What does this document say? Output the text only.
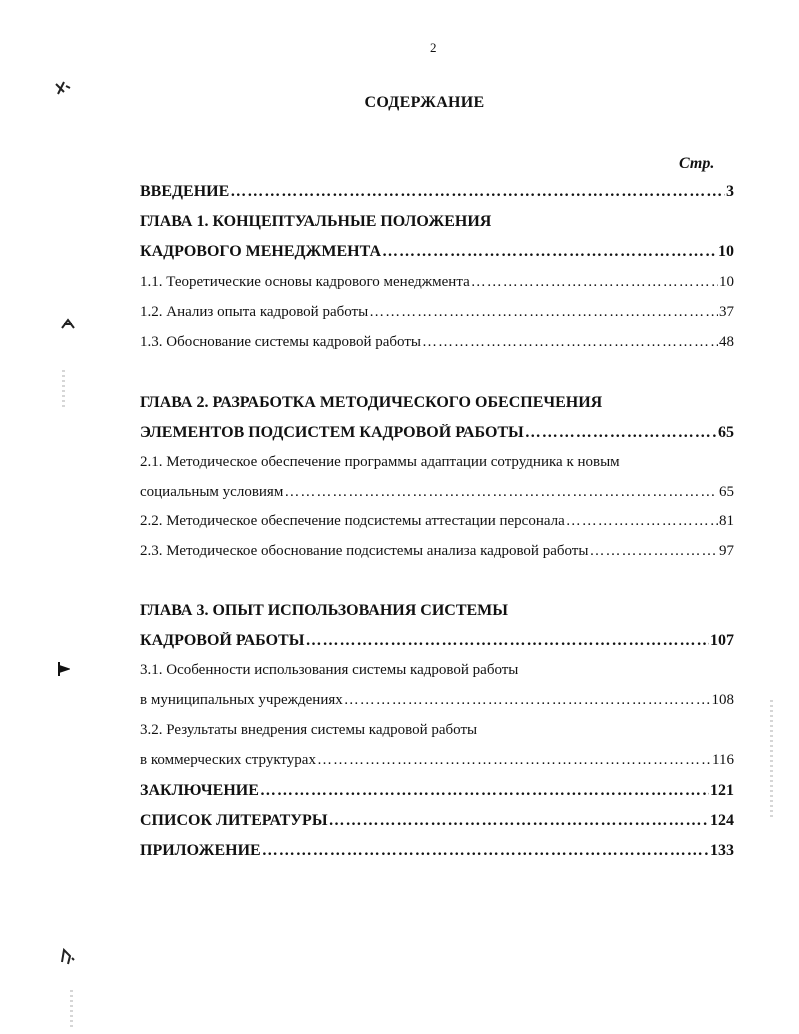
2
СОДЕРЖАНИЕ
Стр.
ВВЕДЕНИЕ …………………………………………………………………………………………………………………………………………	3
ГЛАВА 1. КОНЦЕПТУАЛЬНЫЕ ПОЛОЖЕНИЯ
КАДРОВОГО МЕНЕДЖМЕНТА …………………………………………………………………………………………………………………………………………	10
1.1. Теоретические основы кадрового менеджмента …………………………………………………………………………………………………………………………………………	10
1.2. Анализ опыта кадровой работы …………………………………………………………………………………………………………………………………………	37
1.3. Обоснование системы кадровой работы …………………………………………………………………………………………………………………………………………	48
ГЛАВА 2. РАЗРАБОТКА МЕТОДИЧЕСКОГО ОБЕСПЕЧЕНИЯ
ЭЛЕМЕНТОВ ПОДСИСТЕМ КАДРОВОЙ РАБОТЫ …………………………………………………………………………………………………………………………………………	65
2.1. Методическое обеспечение программы адаптации сотрудника к новым
социальным условиям …………………………………………………………………………………………………………………………………………	65
2.2. Методическое обеспечение подсистемы аттестации персонала …………………………………………………………………………………………………………………………………………	81
2.3. Методическое обоснование подсистемы анализа кадровой работы …………………………………………………………………………………………………………………………………………	97
ГЛАВА 3. ОПЫТ ИСПОЛЬЗОВАНИЯ СИСТЕМЫ
КАДРОВОЙ РАБОТЫ …………………………………………………………………………………………………………………………………………	107
3.1. Особенности использования системы кадровой работы
в муниципальных учреждениях …………………………………………………………………………………………………………………………………………	108
3.2. Результаты внедрения системы кадровой работы
в коммерческих структурах …………………………………………………………………………………………………………………………………………	116
ЗАКЛЮЧЕНИЕ …………………………………………………………………………………………………………………………………………	121
СПИСОК ЛИТЕРАТУРЫ …………………………………………………………………………………………………………………………………………	124
ПРИЛОЖЕНИЕ …………………………………………………………………………………………………………………………………………	133
